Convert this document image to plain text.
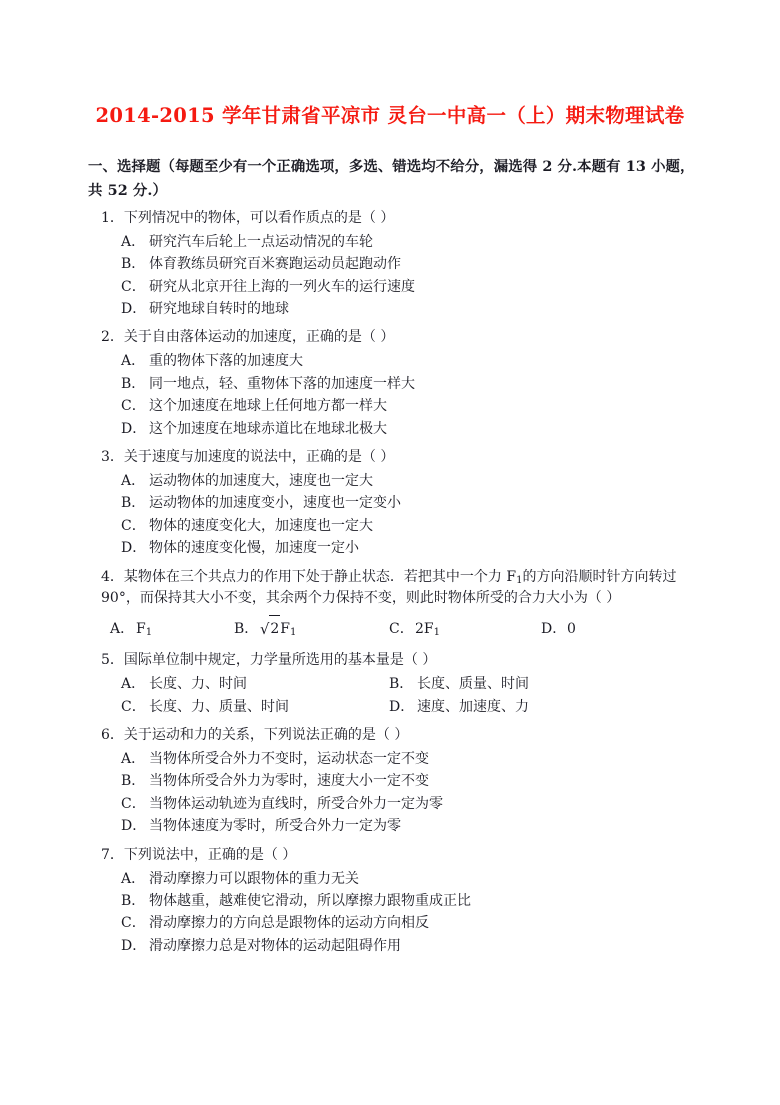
2014-2015 学年甘肃省平凉市 灵台一中高一（上）期末物理试卷

一、选择题（每题至少有一个正确选项，多选、错选均不给分，漏选得 2 分.本题有 13 小题，共 52 分.）

1．下列情况中的物体，可以看作质点的是（ ）

A． 研究汽车后轮上一点运动情况的车轮
B． 体育教练员研究百米赛跑运动员起跑动作
C． 研究从北京开往上海的一列火车的运行速度
D． 研究地球自转时的地球

2．关于自由落体运动的加速度，正确的是（ ）

A． 重的物体下落的加速度大
B． 同一地点，轻、重物体下落的加速度一样大
C． 这个加速度在地球上任何地方都一样大
D． 这个加速度在地球赤道比在地球北极大

3．关于速度与加速度的说法中，正确的是（ ）

A． 运动物体的加速度大，速度也一定大
B． 运动物体的加速度变小，速度也一定变小
C． 物体的速度变化大，加速度也一定大
D． 物体的速度变化慢，加速度一定小

4．某物体在三个共点力的作用下处于静止状态．若把其中一个力 $F_1$的方向沿顺时针方向转过 90°，而保持其大小不变，其余两个力保持不变，则此时物体所受的合力大小为（ ）

A． $F_1$	B． $√2F_1$	C．$2F_1$	D．0

5．国际单位制中规定，力学量所选用的基本量是（ ）

A． 长度、力、时间	B． 长度、质量、时间
C． 长度、力、质量、时间	D． 速度、加速度、力

6．关于运动和力的关系，下列说法正确的是（ ）

A． 当物体所受合外力不变时，运动状态一定不变
B． 当物体所受合外力为零时，速度大小一定不变
C． 当物体运动轨迹为直线时，所受合外力一定为零
D． 当物体速度为零时，所受合外力一定为零

7．下列说法中，正确的是（ ）

A． 滑动摩擦力可以跟物体的重力无关
B． 物体越重，越难使它滑动，所以摩擦力跟物重成正比
C． 滑动摩擦力的方向总是跟物体的运动方向相反
D． 滑动摩擦力总是对物体的运动起阻碍作用
